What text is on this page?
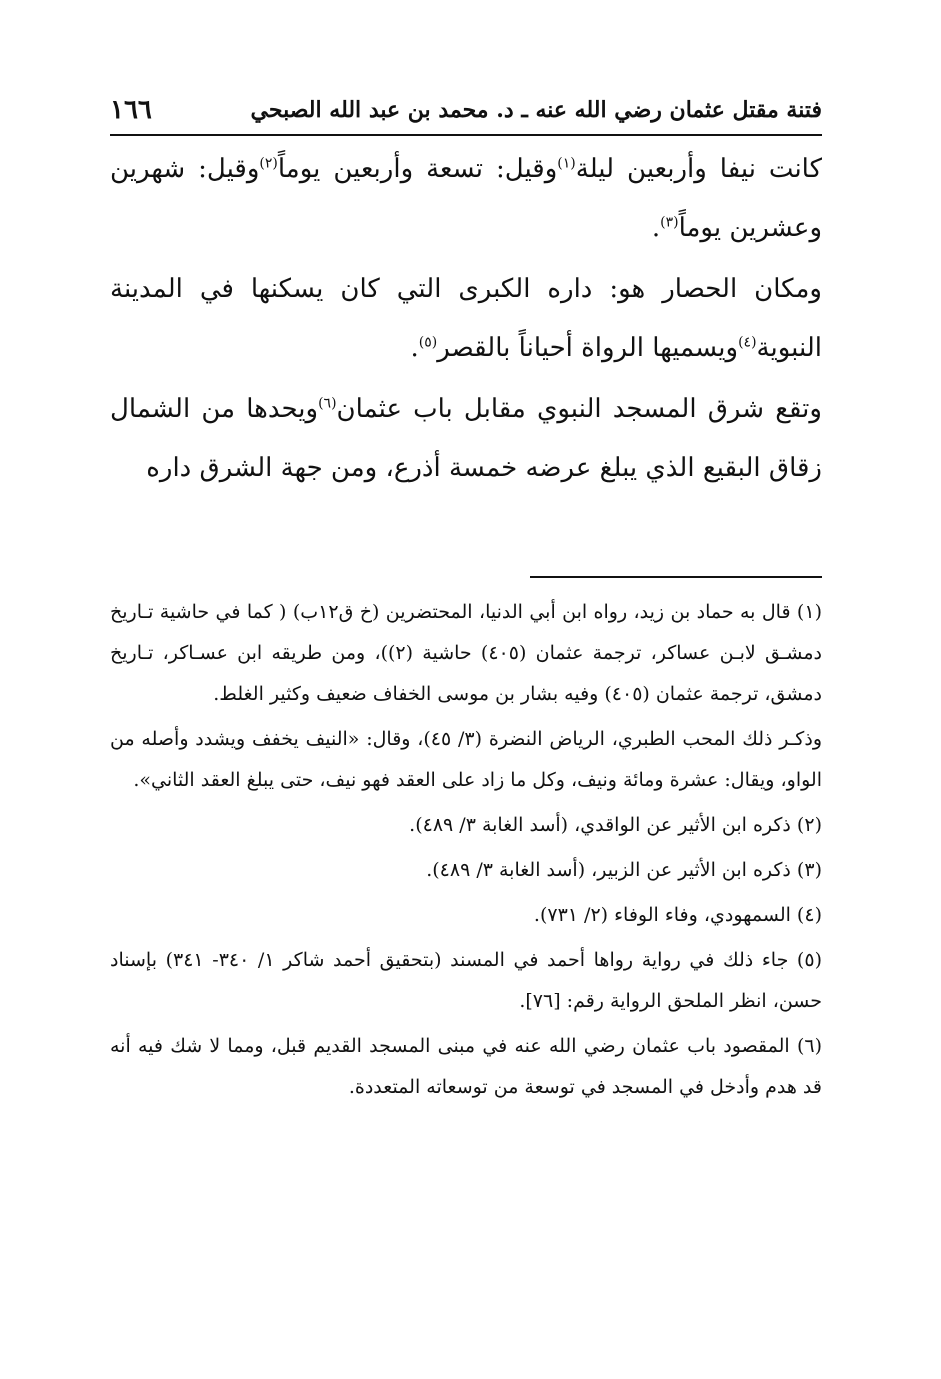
فتنة مقتل عثمان رضي الله عنه ـ د. محمد بن عبد الله الصبحي
١٦٦

كانت نيفا وأربعين ليلة$^{(١)}$وقيل: تسعة وأربعين يوماً$^{(٢)}$وقيل: شهرين وعشرين يوماً$^{(٣)}$.

ومكان الحصار هو: داره الكبرى التي كان يسكنها في المدينة النبوية$^{(٤)}$ويسميها الرواة أحياناً بالقصر$^{(٥)}$.

وتقع شرق المسجد النبوي مقابل باب عثمان$^{(٦)}$ويحدها من الشمال زقاق البقيع الذي يبلغ عرضه خمسة أذرع، ومن جهة الشرق داره

(١) قال به حماد بن زيد، رواه ابن أبي الدنيا، المحتضرين (خ ق١٢ب) ( كما في حاشية تـاريخ دمشـق لابـن عساكر، ترجمة عثمان (٤٠٥) حاشية (٢))، ومن طريقه ابن عسـاكر، تـاريخ دمشق، ترجمة عثمان (٤٠٥) وفيه بشار بن موسى الخفاف ضعيف وكثير الغلط.

وذكـر ذلك المحب الطبري، الرياض النضرة (٣/ ٤٥)، وقال: «النيف يخفف ويشدد وأصله من الواو، ويقال: عشرة ومائة ونيف، وكل ما زاد على العقد فهو نيف، حتى يبلغ العقد الثاني».

(٢) ذكره ابن الأثير عن الواقدي، (أسد الغابة ٣/ ٤٨٩).

(٣) ذكره ابن الأثير عن الزبير، (أسد الغابة ٣/ ٤٨٩).

(٤) السمهودي، وفاء الوفاء (٢/ ٧٣١).

(٥) جاء ذلك في رواية رواها أحمد في المسند (بتحقيق أحمد شاكر ١/ ٣٤٠- ٣٤١) بإسناد حسن، انظر الملحق الرواية رقم: [٧٦].

(٦) المقصود باب عثمان رضي الله عنه في مبنى المسجد القديم قبل، ومما لا شك فيه أنه قد هدم وأدخل في المسجد في توسعة من توسعاته المتعددة.
